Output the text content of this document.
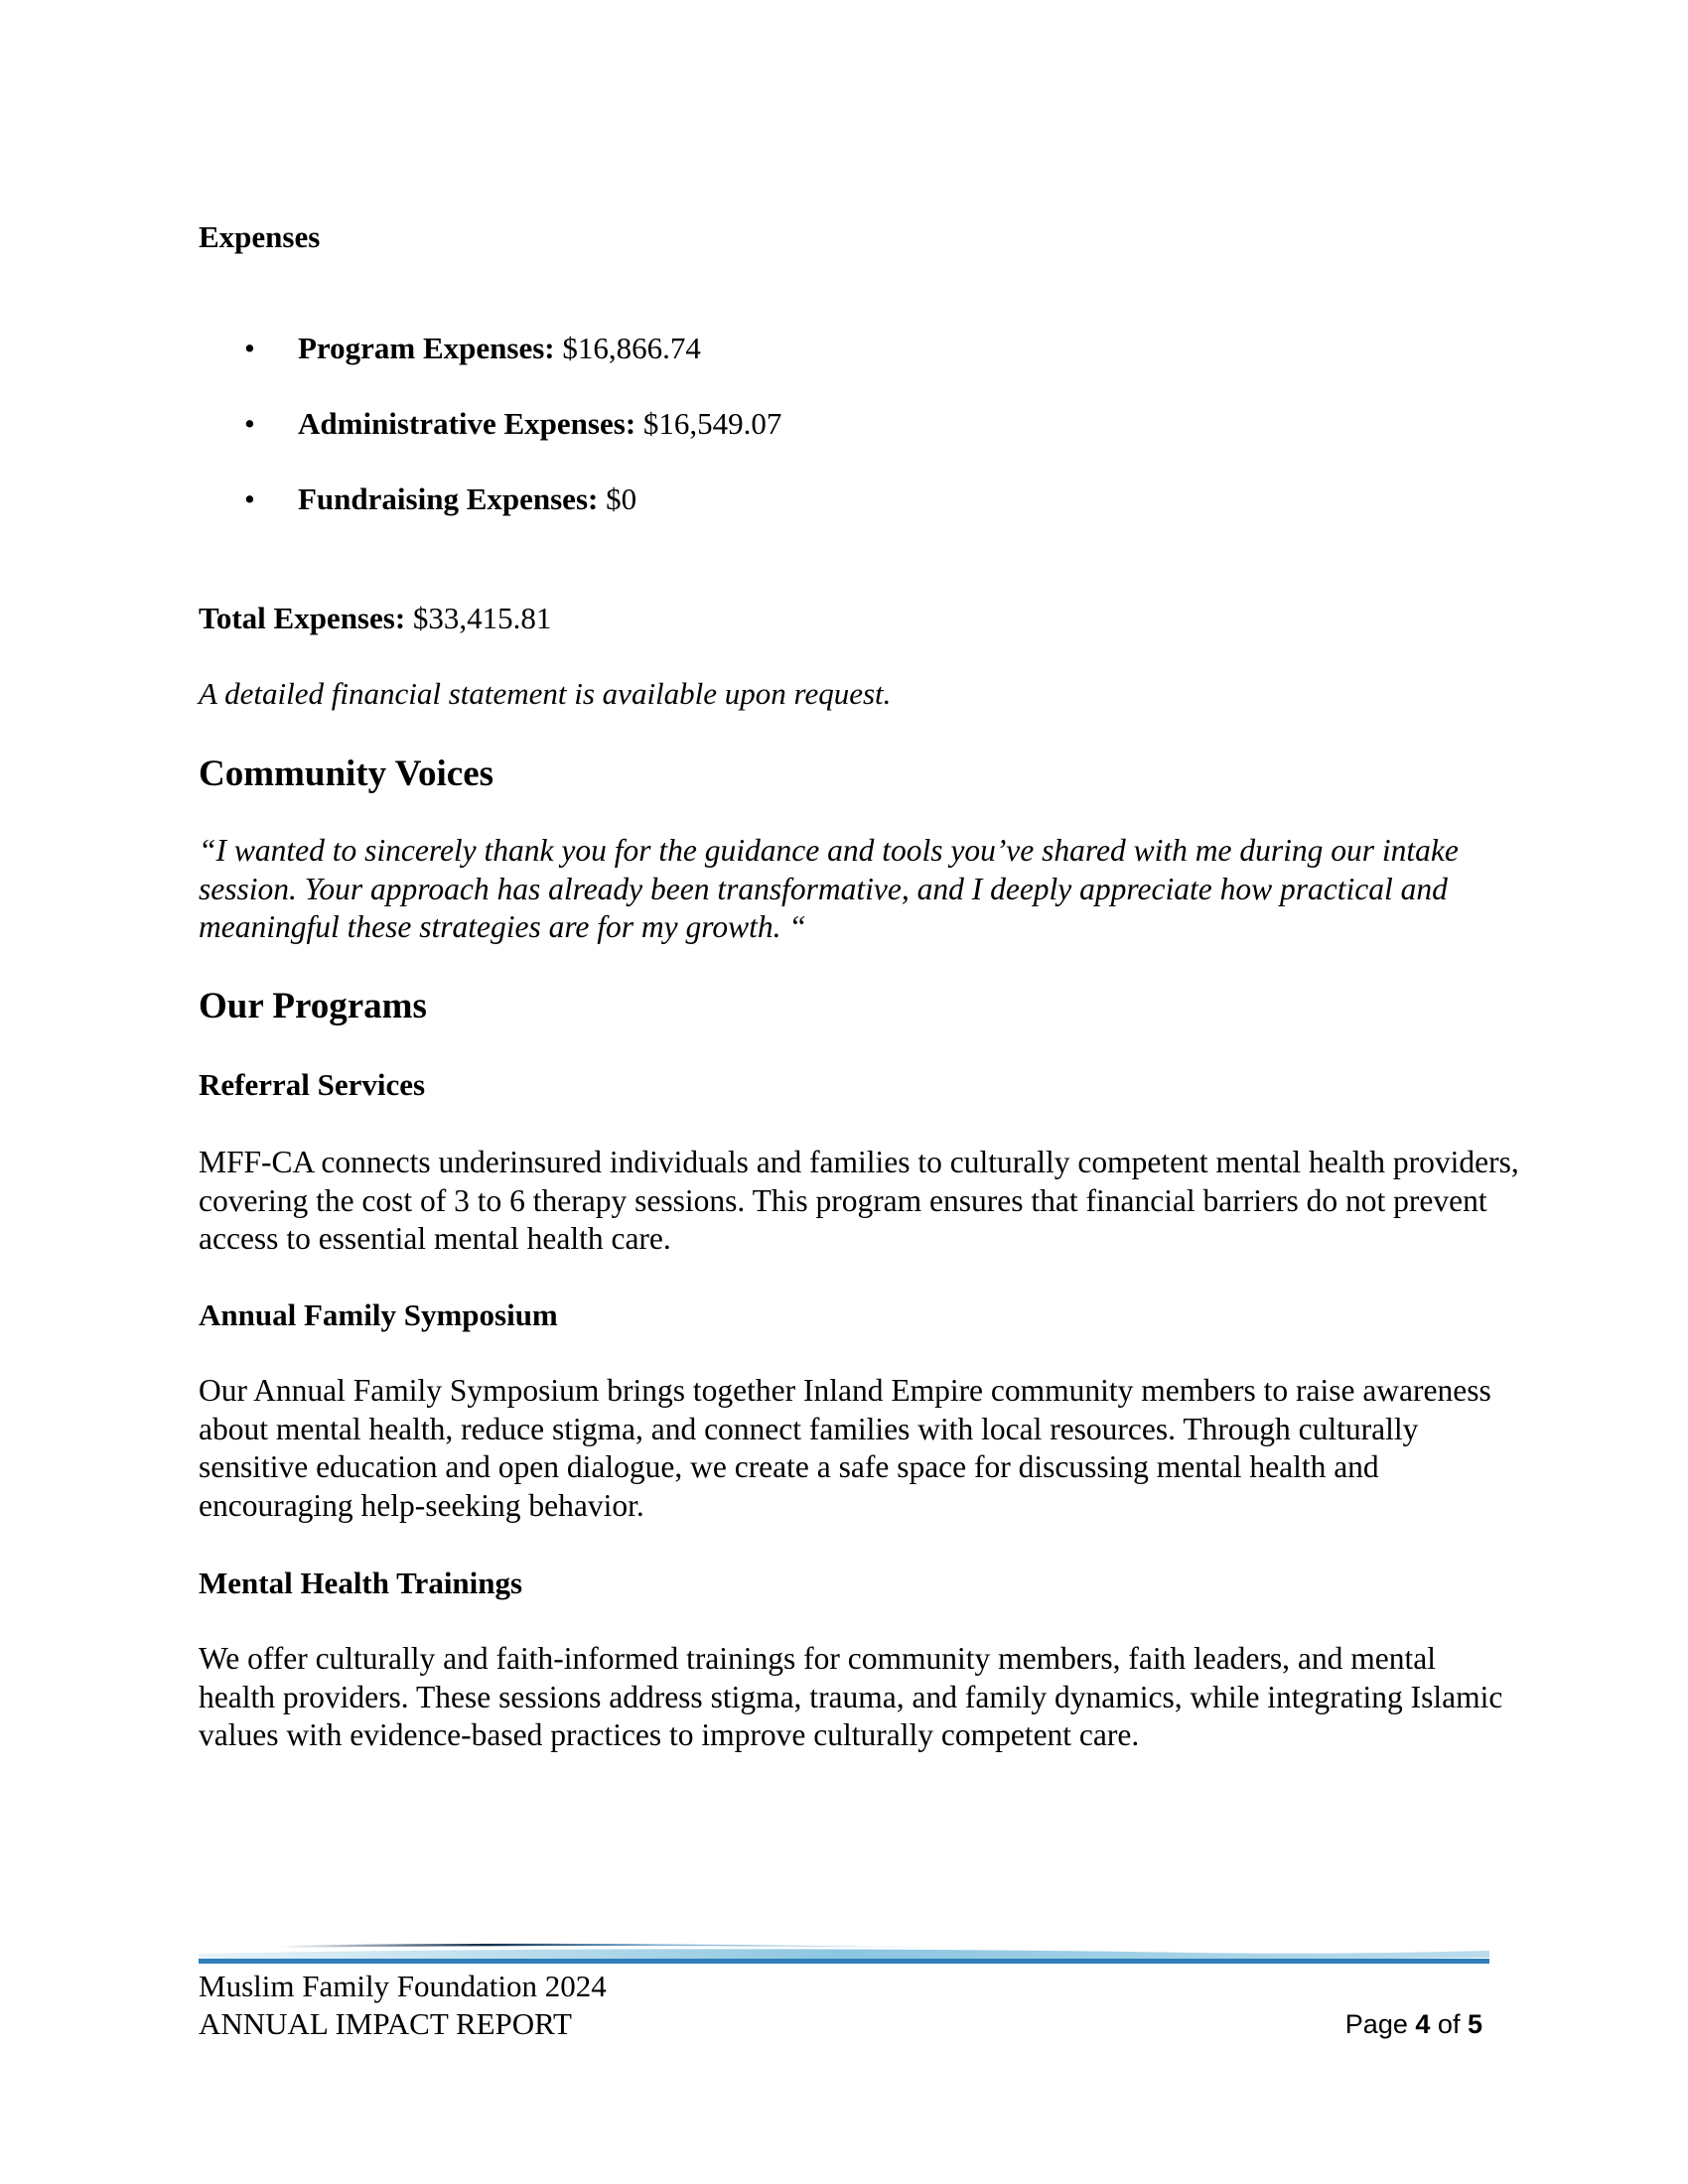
Expenses
• Program Expenses: $16,866.74
• Administrative Expenses: $16,549.07
• Fundraising Expenses: $0

Total Expenses: $33,415.81

A detailed financial statement is available upon request.

Community Voices

“I wanted to sincerely thank you for the guidance and tools you’ve shared with me during our intake session. Your approach has already been transformative, and I deeply appreciate how practical and meaningful these strategies are for my growth. “

Our Programs
Referral Services

MFF-CA connects underinsured individuals and families to culturally competent mental health providers, covering the cost of 3 to 6 therapy sessions. This program ensures that financial barriers do not prevent access to essential mental health care.

Annual Family Symposium

Our Annual Family Symposium brings together Inland Empire community members to raise awareness about mental health, reduce stigma, and connect families with local resources. Through culturally sensitive education and open dialogue, we create a safe space for discussing mental health and encouraging help-seeking behavior.

Mental Health Trainings

We offer culturally and faith-informed trainings for community members, faith leaders, and mental health providers. These sessions address stigma, trauma, and family dynamics, while integrating Islamic values with evidence-based practices to improve culturally competent care.

Muslim Family Foundation 2024

ANNUAL IMPACT REPORT	Page 4 of 5
